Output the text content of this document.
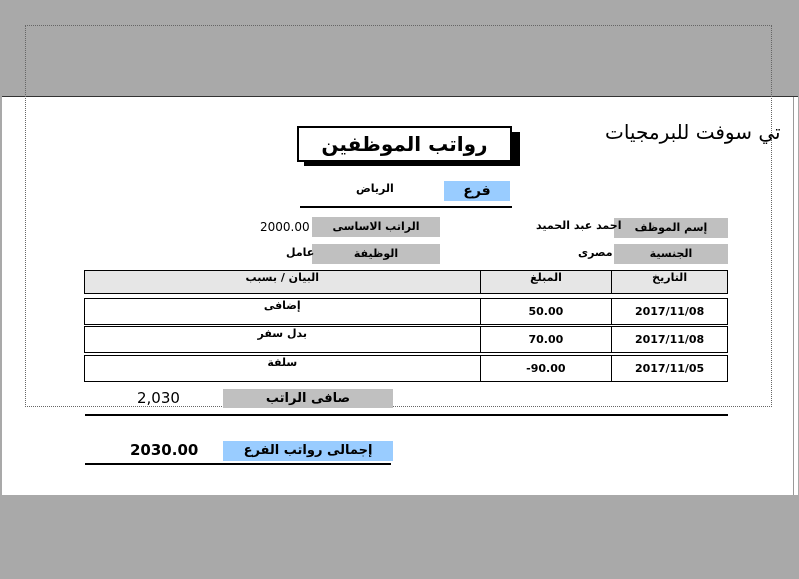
تي سوفت للبرمجيات
رواتب الموظفين
فرع
الرياض
إسم الموظف
احمد عبد الحميد
الراتب الاساسى
2000.00
الجنسية
مصرى
الوظيفة
عامل
البيان / بسبب	المبلغ	التاريخ
إضافى	50.00	2017/11/08
بدل سفر	70.00	2017/11/08
سلفة	-90.00	2017/11/05
صافى الراتب
2,030
إجمالى رواتب الفرع
2030.00
